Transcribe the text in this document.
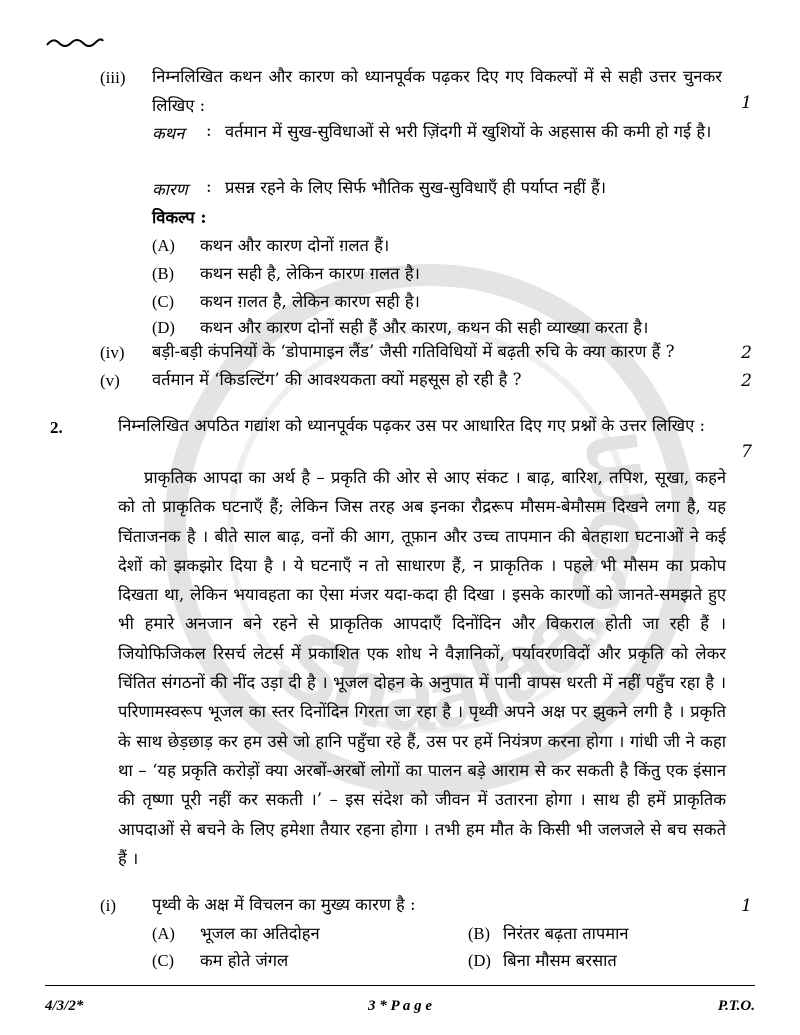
Shaalaa.com
(iii) निम्नलिखित कथन और कारण को ध्यानपूर्वक पढ़कर दिए गए विकल्पों में से सही उत्तर चुनकर लिखिए :	1
कथन : वर्तमान में सुख-सुविधाओं से भरी ज़िंदगी में खुशियों के अहसास की कमी हो गई है।
कारण : प्रसन्न रहने के लिए सिर्फ भौतिक सुख-सुविधाएँ ही पर्याप्त नहीं हैं।
विकल्प :
(A) कथन और कारण दोनों ग़लत हैं।
(B) कथन सही है, लेकिन कारण ग़लत है।
(C) कथन ग़लत है, लेकिन कारण सही है।
(D) कथन और कारण दोनों सही हैं और कारण, कथन की सही व्याख्या करता है।
(iv) बड़ी-बड़ी कंपनियों के ‘डोपामाइन लैंड’ जैसी गतिविधियों में बढ़ती रुचि के क्या कारण हैं ?	2
(v) वर्तमान में ‘किडल्टिंग’ की आवश्यकता क्यों महसूस हो रही है ?	2
2.	निम्नलिखित अपठित गद्यांश को ध्यानपूर्वक पढ़कर उस पर आधारित दिए गए प्रश्नों के उत्तर लिखिए :
7
प्राकृतिक आपदा का अर्थ है – प्रकृति की ओर से आए संकट । बाढ़, बारिश, तपिश, सूखा, कहने को तो प्राकृतिक घटनाएँ हैं; लेकिन जिस तरह अब इनका रौद्ररूप मौसम-बेमौसम दिखने लगा है, यह चिंताजनक है । बीते साल बाढ़, वनों की आग, तूफ़ान और उच्च तापमान की बेतहाशा घटनाओं ने कई देशों को झकझोर दिया है । ये घटनाएँ न तो साधारण हैं, न प्राकृतिक । पहले भी मौसम का प्रकोप दिखता था, लेकिन भयावहता का ऐसा मंजर यदा-कदा ही दिखा । इसके कारणों को जानते-समझते हुए भी हमारे अनजान बने रहने से प्राकृतिक आपदाएँ दिनोंदिन और विकराल होती जा रही हैं । जियोफिजिकल रिसर्च लेटर्स में प्रकाशित एक शोध ने वैज्ञानिकों, पर्यावरणविदों और प्रकृति को लेकर चिंतित संगठनों की नींद उड़ा दी है । भूजल दोहन के अनुपात में पानी वापस धरती में नहीं पहुँच रहा है । परिणामस्वरूप भूजल का स्तर दिनोंदिन गिरता जा रहा है । पृथ्वी अपने अक्ष पर झुकने लगी है । प्रकृति के साथ छेड़छाड़ कर हम उसे जो हानि पहुँचा रहे हैं, उस पर हमें नियंत्रण करना होगा । गांधी जी ने कहा था – ‘यह प्रकृति करोड़ों क्या अरबों-अरबों लोगों का पालन बड़े आराम से कर सकती है किंतु एक इंसान की तृष्णा पूरी नहीं कर सकती ।’ – इस संदेश को जीवन में उतारना होगा । साथ ही हमें प्राकृतिक आपदाओं से बचने के लिए हमेशा तैयार रहना होगा । तभी हम मौत के किसी भी जलजले से बच सकते हैं ।
(i) पृथ्वी के अक्ष में विचलन का मुख्य कारण है :	1
(A) भूजल का अतिदोहन	(B) निरंतर बढ़ता तापमान
(C) कम होते जंगल	(D) बिना मौसम बरसात
4/3/2*	3 * P a g e	P.T.O.
